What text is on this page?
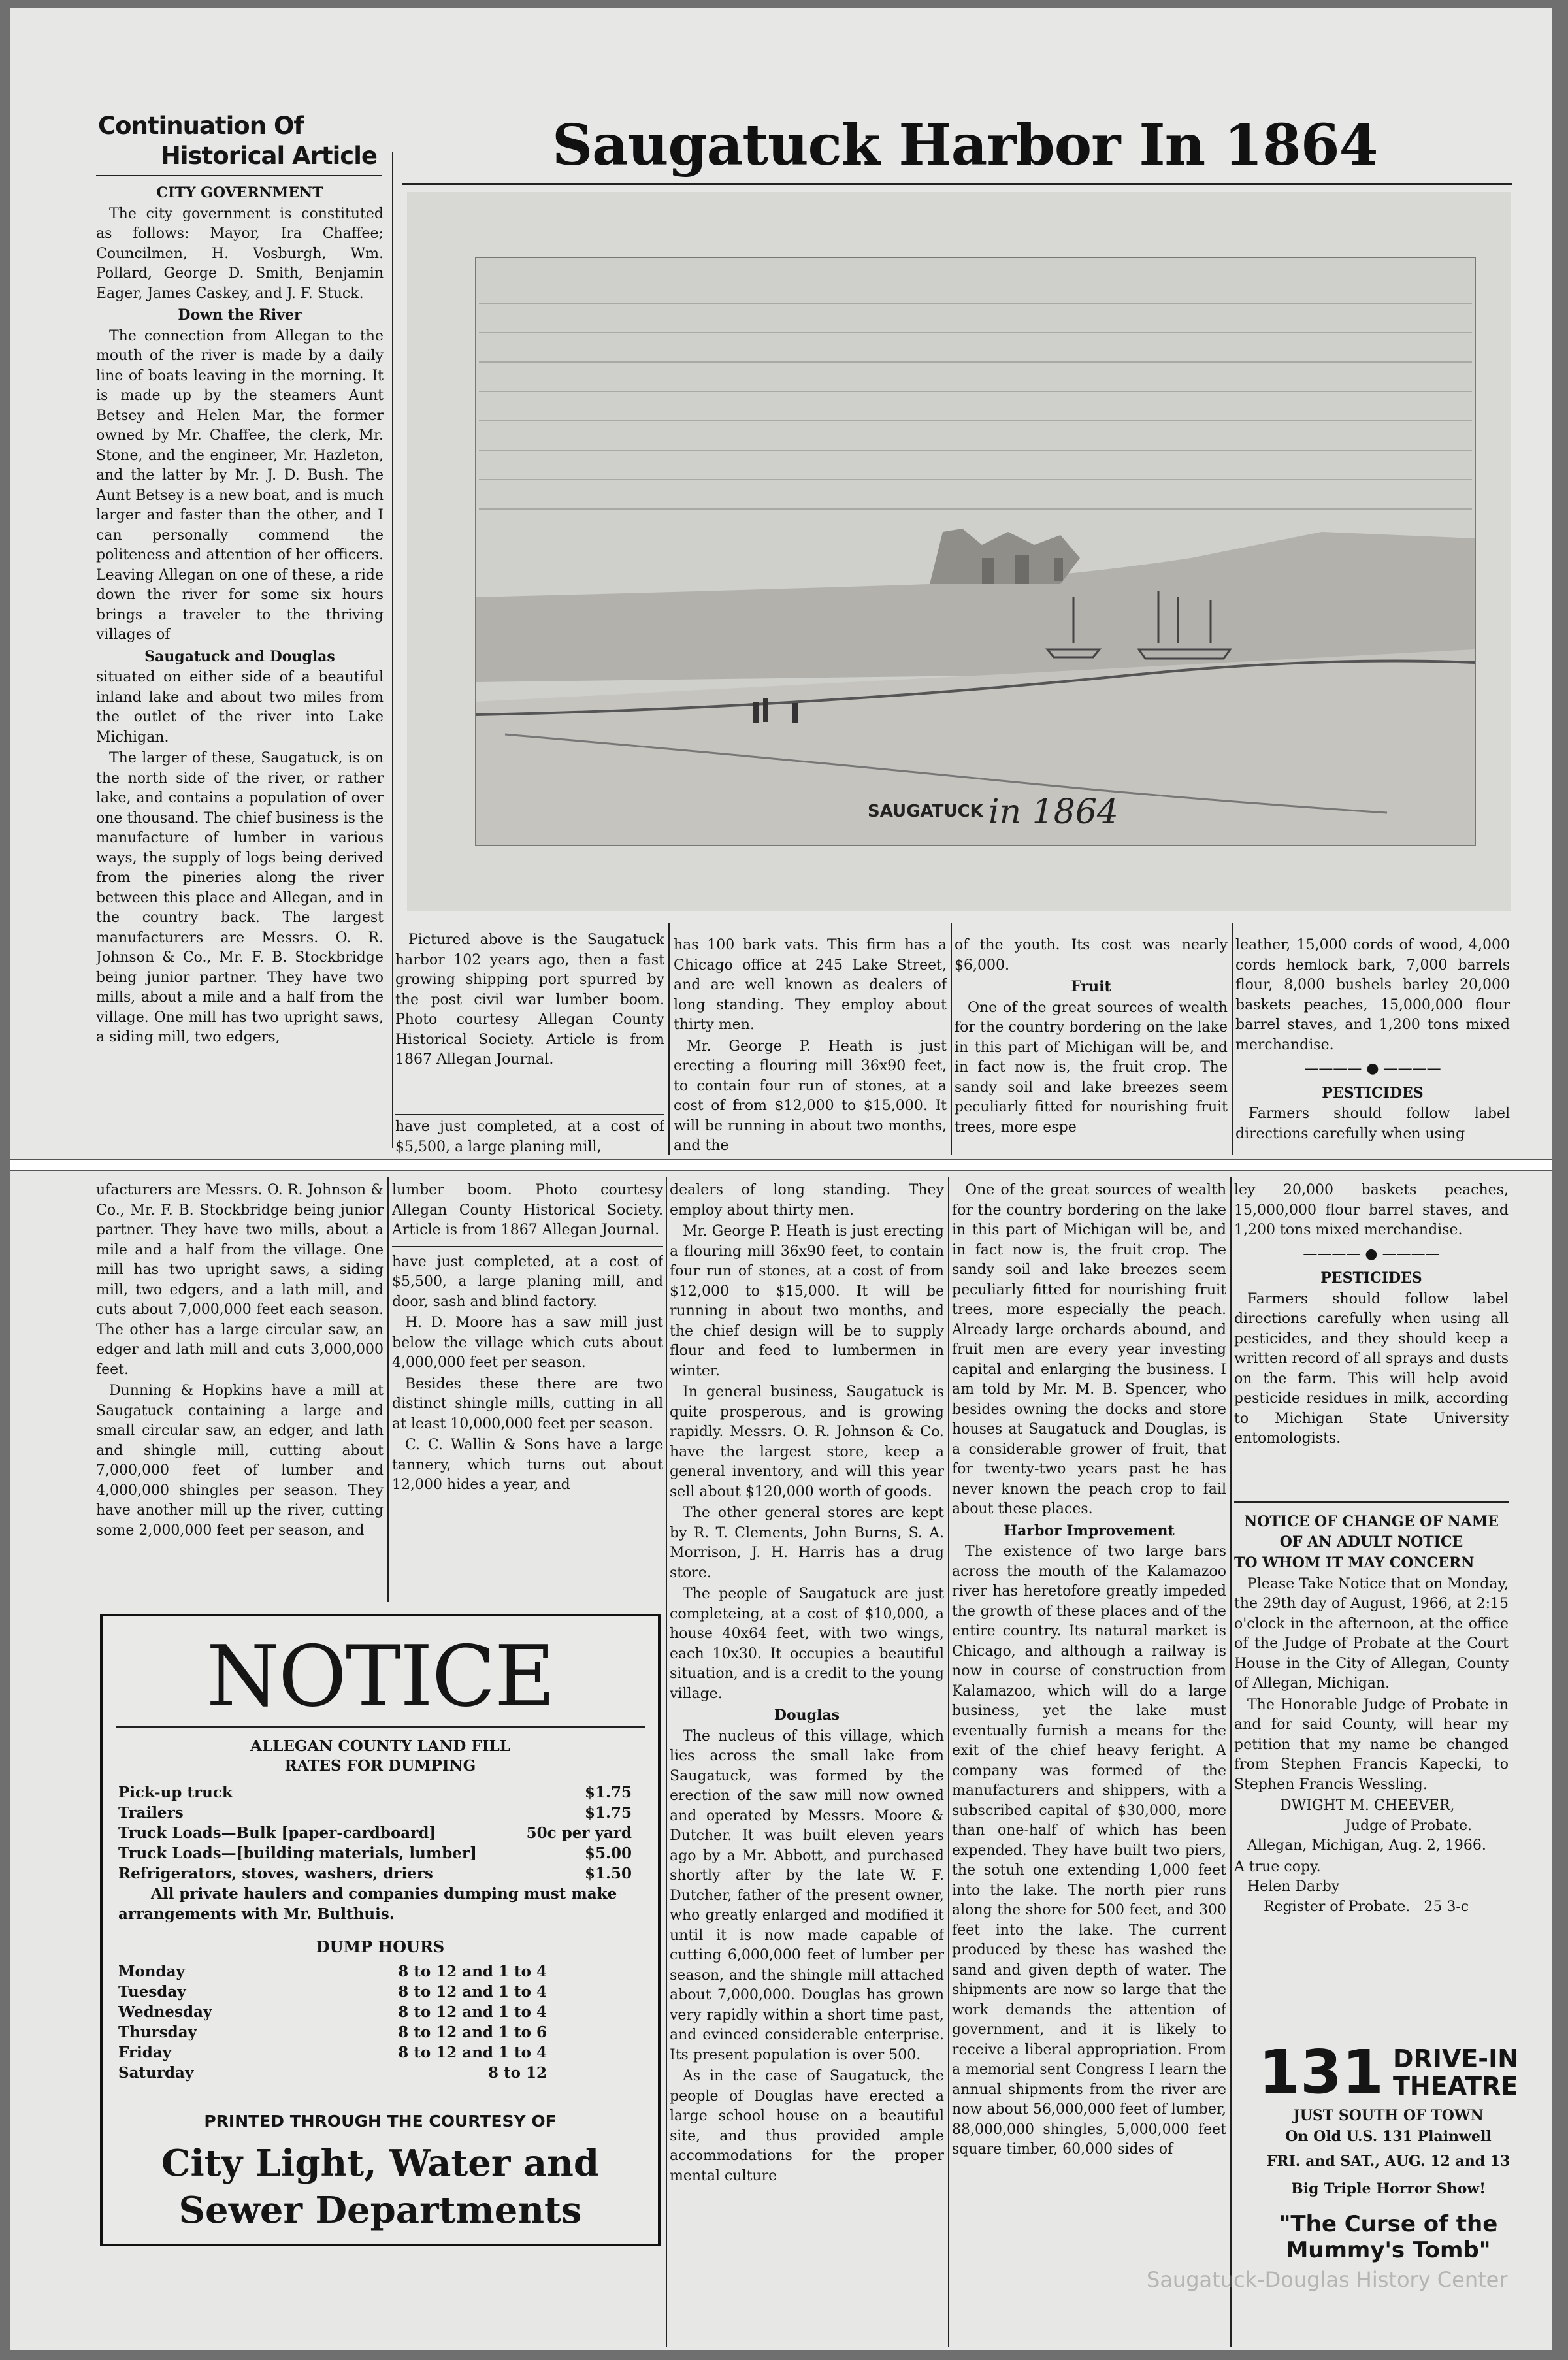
Saugatuck Harbor In 1864
Continuation Of
Historical Article
CITY GOVERNMENT
The city government is constituted as follows: Mayor, Ira Chaffee; Councilmen, H. Vosburgh, Wm. Pollard, George D. Smith, Benjamin Eager, James Caskey, and J. F. Stuck.
Down the River
The connection from Allegan to the mouth of the river is made by a daily line of boats leaving in the morning. It is made up by the steamers Aunt Betsey and Helen Mar, the former owned by Mr. Chaffee, the clerk, Mr. Stone, and the engineer, Mr. Hazleton, and the latter by Mr. J. D. Bush. The Aunt Betsey is a new boat, and is much larger and faster than the other, and I can personally commend the politeness and attention of her officers. Leaving Allegan on one of these, a ride down the river for some six hours brings a traveler to the thriving villages of
Saugatuck and Douglas
situated on either side of a beautiful inland lake and about two miles from the outlet of the river into Lake Michigan.
The larger of these, Saugatuck, is on the north side of the river, or rather lake, and contains a population of over one thousand. The chief business is the manufacture of lumber in various ways, the supply of logs being derived from the pineries along the river between this place and Allegan, and in the country back. The largest manufacturers are Messrs. O. R. Johnson & Co., Mr. F. B. Stockbridge being junior partner. They have two mills, about a mile and a half from the village. One mill has two upright saws, a siding mill, two edgers,
SAUGATUCK in 1864
Pictured above is the Saugatuck harbor 102 years ago, then a fast growing shipping port spurred by the post civil war lumber boom. Photo courtesy Allegan County Historical Society. Article is from 1867 Allegan Journal.
have just completed, at a cost of $5,500, a large planing mill,
has 100 bark vats. This firm has a Chicago office at 245 Lake Street, and are well known as dealers of long standing. They employ about thirty men.
Mr. George P. Heath is just erecting a flouring mill 36x90 feet, to contain four run of stones, at a cost of from $12,000 to $15,000. It will be running in about two months, and the
of the youth. Its cost was nearly $6,000.
Fruit
One of the great sources of wealth for the country bordering on the lake in this part of Michigan will be, and in fact now is, the fruit crop. The sandy soil and lake breezes seem peculiarly fitted for nourishing fruit trees, more espe
leather, 15,000 cords of wood, 4,000 cords hemlock bark, 7,000 barrels flour, 8,000 bushels barley 20,000 baskets peaches, 15,000,000 flour barrel staves, and 1,200 tons mixed merchandise.
———— ● ————
PESTICIDES
Farmers should follow label directions carefully when using
ufacturers are Messrs. O. R. Johnson & Co., Mr. F. B. Stockbridge being junior partner. They have two mills, about a mile and a half from the village. One mill has two upright saws, a siding mill, two edgers, and a lath mill, and cuts about 7,000,000 feet each season. The other has a large circular saw, an edger and lath mill and cuts 3,000,000 feet.
Dunning & Hopkins have a mill at Saugatuck containing a large and small circular saw, an edger, and lath and shingle mill, cutting about 7,000,000 feet of lumber and 4,000,000 shingles per season. They have another mill up the river, cutting some 2,000,000 feet per season, and
lumber boom. Photo courtesy Allegan County Historical Society. Article is from 1867 Allegan Journal.
have just completed, at a cost of $5,500, a large planing mill, and door, sash and blind factory.
H. D. Moore has a saw mill just below the village which cuts about 4,000,000 feet per season.
Besides these there are two distinct shingle mills, cutting in all at least 10,000,000 feet per season.
C. C. Wallin & Sons have a large tannery, which turns out about 12,000 hides a year, and
dealers of long standing. They employ about thirty men.
Mr. George P. Heath is just erecting a flouring mill 36x90 feet, to contain four run of stones, at a cost of from $12,000 to $15,000. It will be running in about two months, and the chief design will be to supply flour and feed to lumbermen in winter.
In general business, Saugatuck is quite prosperous, and is growing rapidly. Messrs. O. R. Johnson & Co. have the largest store, keep a general inventory, and will this year sell about $120,000 worth of goods.
The other general stores are kept by R. T. Clements, John Burns, S. A. Morrison, J. H. Harris has a drug store.
The people of Saugatuck are just completeing, at a cost of $10,000, a house 40x64 feet, with two wings, each 10x30. It occupies a beautiful situation, and is a credit to the young village.
Douglas
The nucleus of this village, which lies across the small lake from Saugatuck, was formed by the erection of the saw mill now owned and operated by Messrs. Moore & Dutcher. It was built eleven years ago by a Mr. Abbott, and purchased shortly after by the late W. F. Dutcher, father of the present owner, who greatly enlarged and modified it until it is now made capable of cutting 6,000,000 feet of lumber per season, and the shingle mill attached about 7,000,000. Douglas has grown very rapidly within a short time past, and evinced considerable enterprise. Its present population is over 500.
As in the case of Saugatuck, the people of Douglas have erected a large school house on a beautiful site, and thus provided ample accommodations for the proper mental culture
One of the great sources of wealth for the country bordering on the lake in this part of Michigan will be, and in fact now is, the fruit crop. The sandy soil and lake breezes seem peculiarly fitted for nourishing fruit trees, more especially the peach. Already large orchards abound, and fruit men are every year investing capital and enlarging the business. I am told by Mr. M. B. Spencer, who besides owning the docks and store houses at Saugatuck and Douglas, is a considerable grower of fruit, that for twenty-two years past he has never known the peach crop to fail about these places.
Harbor Improvement
The existence of two large bars across the mouth of the Kalamazoo river has heretofore greatly impeded the growth of these places and of the entire country. Its natural market is Chicago, and although a railway is now in course of construction from Kalamazoo, which will do a large business, yet the lake must eventually furnish a means for the exit of the chief heavy feright. A company was formed of the manufacturers and shippers, with a subscribed capital of $30,000, more than one-half of which has been expended. They have built two piers, the sotuh one extending 1,000 feet into the lake. The north pier runs along the shore for 500 feet, and 300 feet into the lake. The current produced by these has washed the sand and given depth of water. The shipments are now so large that the work demands the attention of government, and it is likely to receive a liberal appropriation. From a memorial sent Congress I learn the annual shipments from the river are now about 56,000,000 feet of lumber, 88,000,000 shingles, 5,000,000 feet square timber, 60,000 sides of
ley 20,000 baskets peaches, 15,000,000 flour barrel staves, and 1,200 tons mixed merchandise.
———— ● ————
PESTICIDES
Farmers should follow label directions carefully when using all pesticides, and they should keep a written record of all sprays and dusts on the farm. This will help avoid pesticide residues in milk, according to Michigan State University entomologists.
NOTICE OF CHANGE OF NAME OF AN ADULT NOTICE
TO WHOM IT MAY CONCERN
Please Take Notice that on Monday, the 29th day of August, 1966, at 2:15 o'clock in the afternoon, at the office of the Judge of Probate at the Court House in the City of Allegan, County of Allegan, Michigan.
The Honorable Judge of Probate in and for said County, will hear my petition that my name be changed from Stephen Francis Kapecki, to Stephen Francis Wessling.
DWIGHT M. CHEEVER,
Judge of Probate.
Allegan, Michigan, Aug. 2, 1966.
A true copy.
Helen Darby
Register of Probate. 25 3-c
131 DRIVE-IN
THEATRE
JUST SOUTH OF TOWN
On Old U.S. 131 Plainwell
FRI. and SAT., AUG. 12 and 13
Big Triple Horror Show!
"The Curse of the
Mummy's Tomb"
NOTICE
ALLEGAN COUNTY LAND FILL
RATES FOR DUMPING
Pick-up truck	$1.75
Trailers	$1.75
Truck Loads—Bulk [paper-cardboard]	50c per yard
Truck Loads—[building materials, lumber]	$5.00
Refrigerators, stoves, washers, driers	$1.50
All private haulers and companies dumping must make arrangements with Mr. Bulthuis.
DUMP HOURS
Monday	8 to 12 and 1 to 4
Tuesday	8 to 12 and 1 to 4
Wednesday	8 to 12 and 1 to 4
Thursday	8 to 12 and 1 to 6
Friday	8 to 12 and 1 to 4
Saturday	8 to 12
PRINTED THROUGH THE COURTESY OF
City Light, Water and
Sewer Departments
Saugatuck-Douglas History Center
